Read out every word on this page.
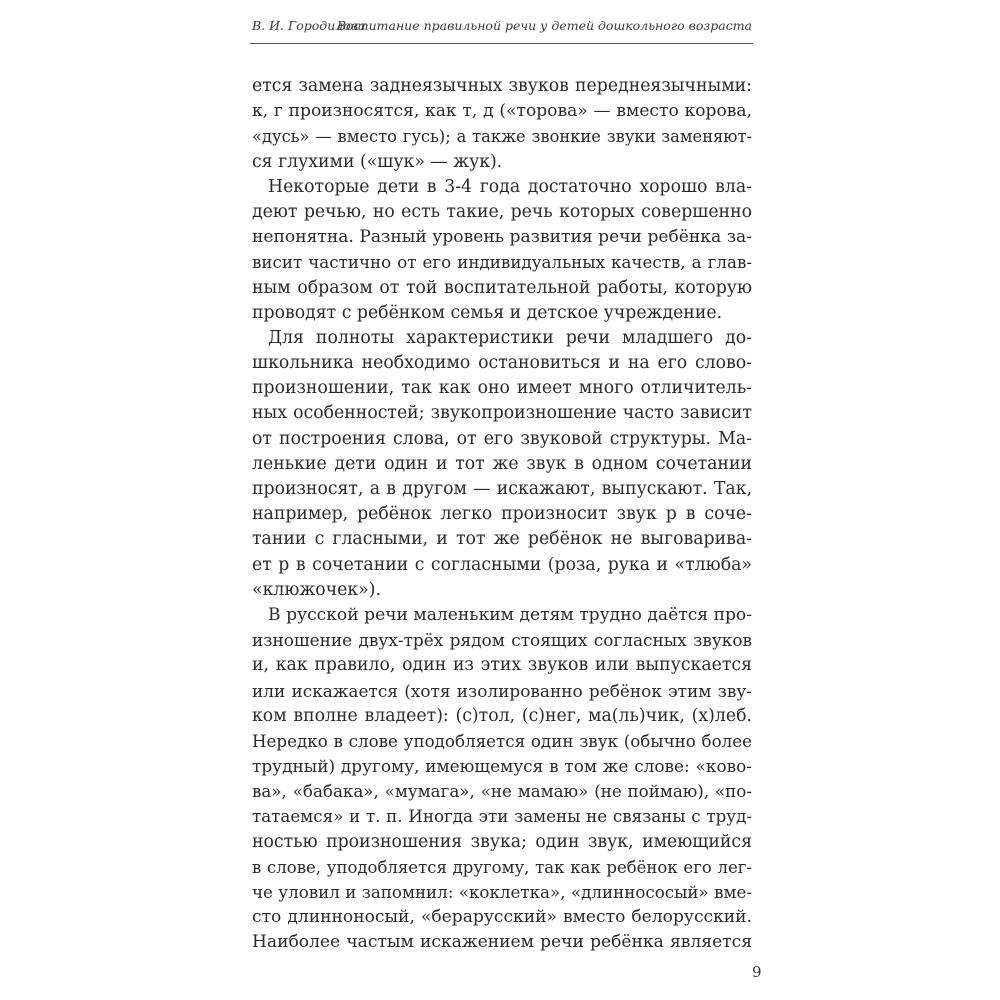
В. И. Городилова
Воспитание правильной речи у детей дошкольного возраста
ется замена заднеязычных звуков переднеязычными:
к, г произносятся, как т, д («торова» — вместо корова,
«дусь» — вместо гусь); а также звонкие звуки заменяют-
ся глухими («шук» — жук).
Некоторые дети в 3-4 года достаточно хорошо вла-
деют речью, но есть такие, речь которых совершенно
непонятна. Разный уровень развития речи ребёнка за-
висит частично от его индивидуальных качеств, а глав-
ным образом от той воспитательной работы, которую
проводят с ребёнком семья и детское учреждение.
Для полноты характеристики речи младшего до-
школьника необходимо остановиться и на его слово-
произношении, так как оно имеет много отличитель-
ных особенностей; звукопроизношение часто зависит
от построения слова, от его звуковой структуры. Ма-
ленькие дети один и тот же звук в одном сочетании
произносят, а в другом — искажают, выпускают. Так,
например, ребёнок легко произносит звук р в соче-
тании с гласными, и тот же ребёнок не выговарива-
ет р в сочетании с согласными (роза, рука и «тлюба»
«клюжочек»).
В русской речи маленьким детям трудно даётся про-
изношение двух-трёх рядом стоящих согласных звуков
и, как правило, один из этих звуков или выпускается
или искажается (хотя изолированно ребёнок этим зву-
ком вполне владеет): (с)тол, (с)нег, ма(ль)чик, (х)леб.
Нередко в слове уподобляется один звук (обычно более
трудный) другому, имеющемуся в том же слове: «ково-
ва», «бабака», «мумага», «не мамаю» (не поймаю), «по-
татаемся» и т. п. Иногда эти замены не связаны с труд-
ностью произношения звука; один звук, имеющийся
в слове, уподобляется другому, так как ребёнок его лег-
че уловил и запомнил: «коклетка», «длиннососый» вме-
сто длинноносый, «берарусский» вместо белорусский.
Наиболее частым искажением речи ребёнка является
9
